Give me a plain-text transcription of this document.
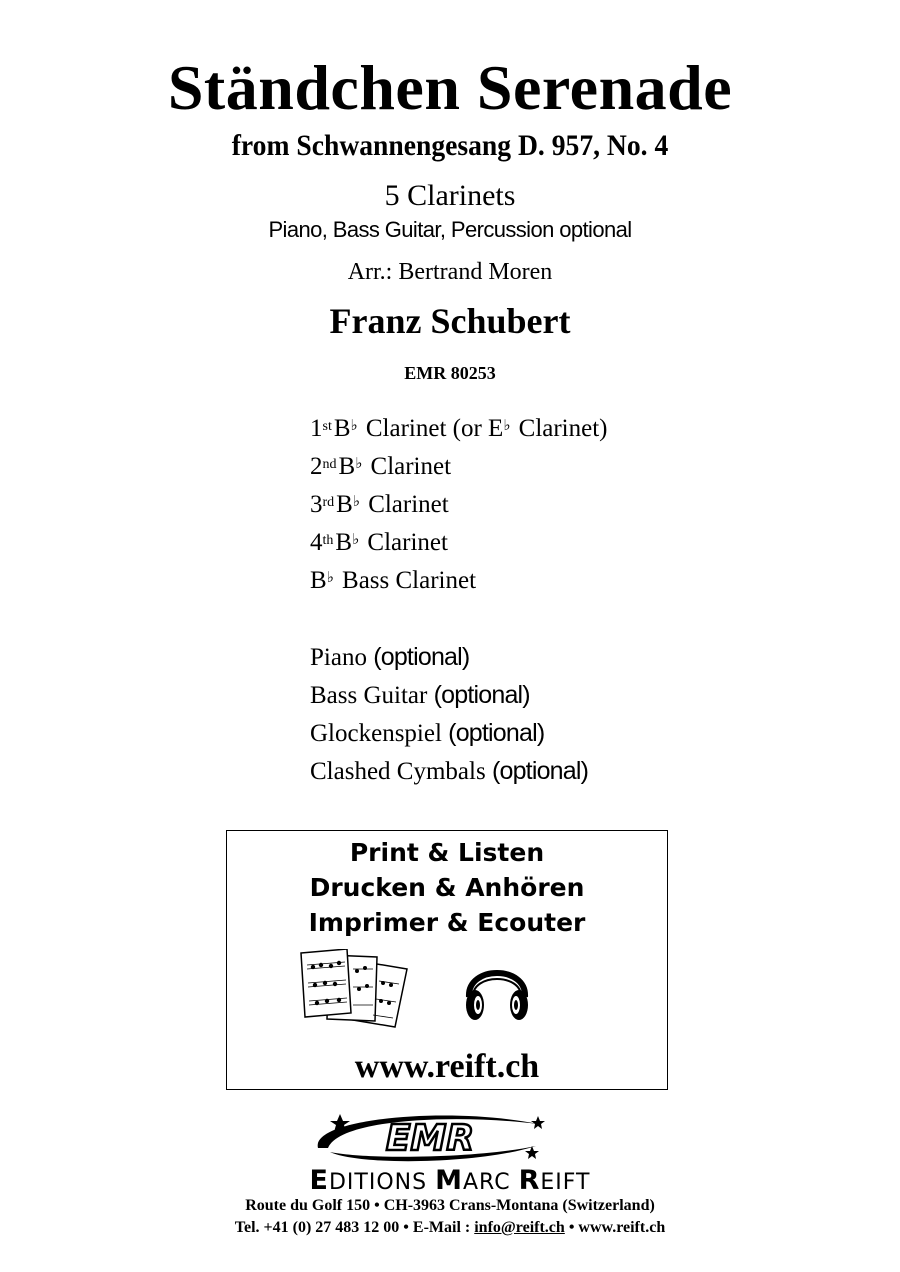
Ständchen Serenade
from Schwannengesang D. 957, No. 4
5 Clarinets
Piano, Bass Guitar, Percussion optional
Arr.: Bertrand Moren
Franz Schubert
EMR 80253
1stB♭ Clarinet (or E♭ Clarinet)
2ndB♭ Clarinet
3rdB♭ Clarinet
4thB♭ Clarinet
B♭ Bass Clarinet
Piano (optional)
Bass Guitar (optional)
Glockenspiel (optional)
Clashed Cymbals (optional)
Print & Listen
Drucken & Anhören
Imprimer & Ecouter
www.reift.ch
EMR
EDITIONS MARC REIFT
Route du Golf 150 • CH-3963 Crans-Montana (Switzerland)
Tel. +41 (0) 27 483 12 00 • E-Mail : info@reift.ch • www.reift.ch
